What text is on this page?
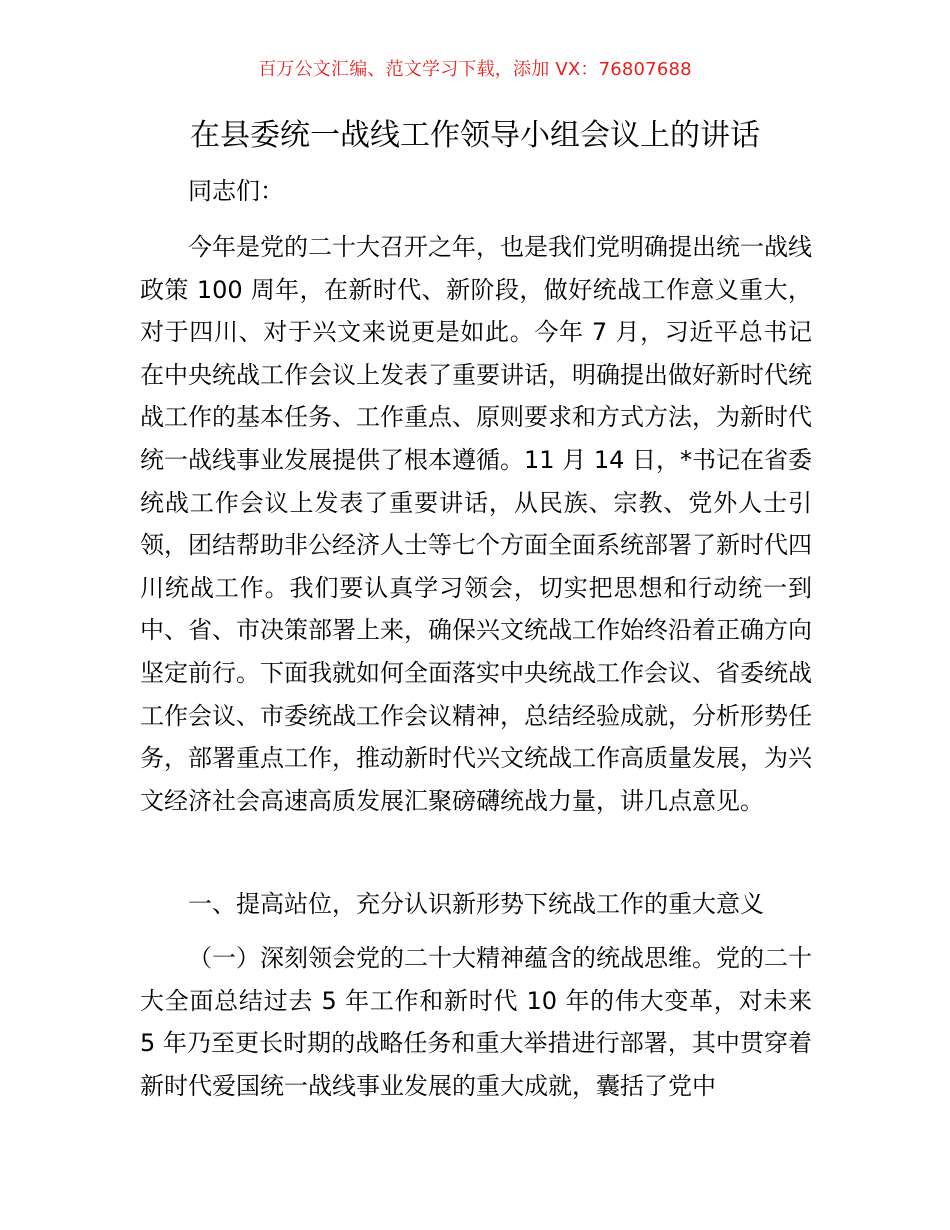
百万公文汇编、范文学习下载，添加 VX：76807688
在县委统一战线工作领导小组会议上的讲话
同志们：
今年是党的二十大召开之年，也是我们党明确提出统一战线政策 100 周年，在新时代、新阶段，做好统战工作意义重大，对于四川、对于兴文来说更是如此。今年 7 月，习近平总书记在中央统战工作会议上发表了重要讲话，明确提出做好新时代统战工作的基本任务、工作重点、原则要求和方式方法，为新时代统一战线事业发展提供了根本遵循。11 月 14 日，*书记在省委统战工作会议上发表了重要讲话，从民族、宗教、党外人士引领，团结帮助非公经济人士等七个方面全面系统部署了新时代四川统战工作。我们要认真学习领会，切实把思想和行动统一到中、省、市决策部署上来，确保兴文统战工作始终沿着正确方向坚定前行。下面我就如何全面落实中央统战工作会议、省委统战工作会议、市委统战工作会议精神，总结经验成就，分析形势任务，部署重点工作，推动新时代兴文统战工作高质量发展，为兴文经济社会高速高质发展汇聚磅礴统战力量，讲几点意见。
一、提高站位，充分认识新形势下统战工作的重大意义
（一）深刻领会党的二十大精神蕴含的统战思维。党的二十大全面总结过去 5 年工作和新时代 10 年的伟大变革，对未来 5 年乃至更长时期的战略任务和重大举措进行部署，其中贯穿着新时代爱国统一战线事业发展的重大成就，囊括了党中
